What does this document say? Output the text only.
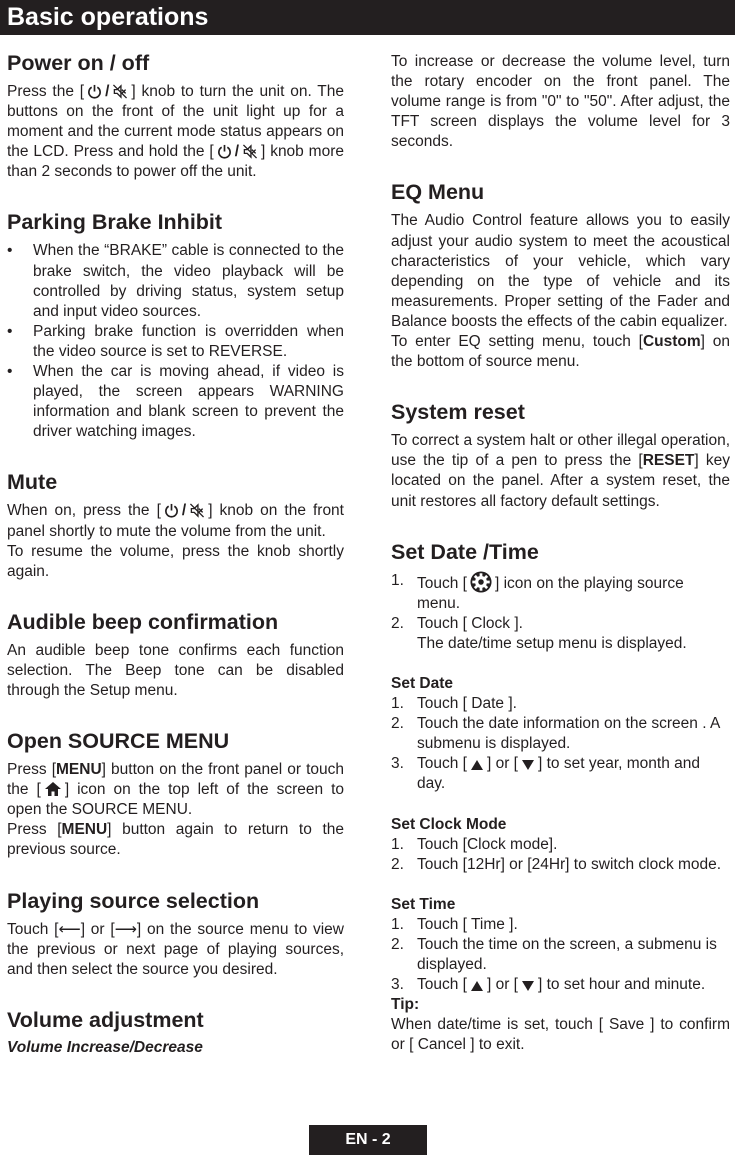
Basic operations
Power on / off

Press the [ / ] knob to turn the unit on. The buttons on the front of the unit light up for a moment and the current mode status appears on the LCD. Press and hold the [ / ] knob more than 2 seconds to power off the unit.

Parking Brake Inhibit
• When the “BRAKE” cable is connected to the brake switch, the video playback will be controlled by driving status, system setup and input video sources.
• Parking brake function is overridden when the video source is set to REVERSE.
• When the car is moving ahead, if video is played, the screen appears WARNING information and blank screen to prevent the driver watching images.
Mute

When on, press the [ / ] knob on the front panel shortly to mute the volume from the unit.

To resume the volume, press the knob shortly again.

Audible beep confirmation

An audible beep tone confirms each function selection. The Beep tone can be disabled through the Setup menu.

Open SOURCE MENU

Press [MENU] button on the front panel or touch the [ ] icon on the top left of the screen to open the SOURCE MENU.

Press [MENU] button again to return to the previous source.

Playing source selection

Touch [⟵] or [⟶] on the source menu to view the previous or next page of playing sources, and then select the source you desired.

Volume adjustment
Volume Increase/Decrease

To increase or decrease the volume level, turn the rotary encoder on the front panel. The volume range is from "0" to "50". After adjust, the TFT screen displays the volume level for 3 seconds.

EQ Menu

The Audio Control feature allows you to easily adjust your audio system to meet the acoustical characteristics of your vehicle, which vary depending on the type of vehicle and its measurements. Proper setting of the Fader and Balance boosts the effects of the cabin equalizer.

To enter EQ setting menu, touch [Custom] on the bottom of source menu.

System reset

To correct a system halt or other illegal operation, use the tip of a pen to press the [RESET] key located on the panel. After a system reset, the unit restores all factory default settings.

Set Date /Time
1. Touch [ ] icon on the playing source menu.
2. Touch [ Clock ].
The date/time setup menu is displayed.
Set Date
1. Touch [ Date ].
2. Touch the date information on the screen . A submenu is displayed.
3. Touch [ ] or [ ] to set year, month and day.
Set Clock Mode
1. Touch [Clock mode].
2. Touch [12Hr] or [24Hr] to switch clock mode.
Set Time
1. Touch [ Time ].
2. Touch the time on the screen, a submenu is displayed.
3. Touch [ ] or [ ] to set hour and minute.
Tip:

When date/time is set, touch [ Save ] to confirm or [ Cancel ] to exit.

EN - 2
